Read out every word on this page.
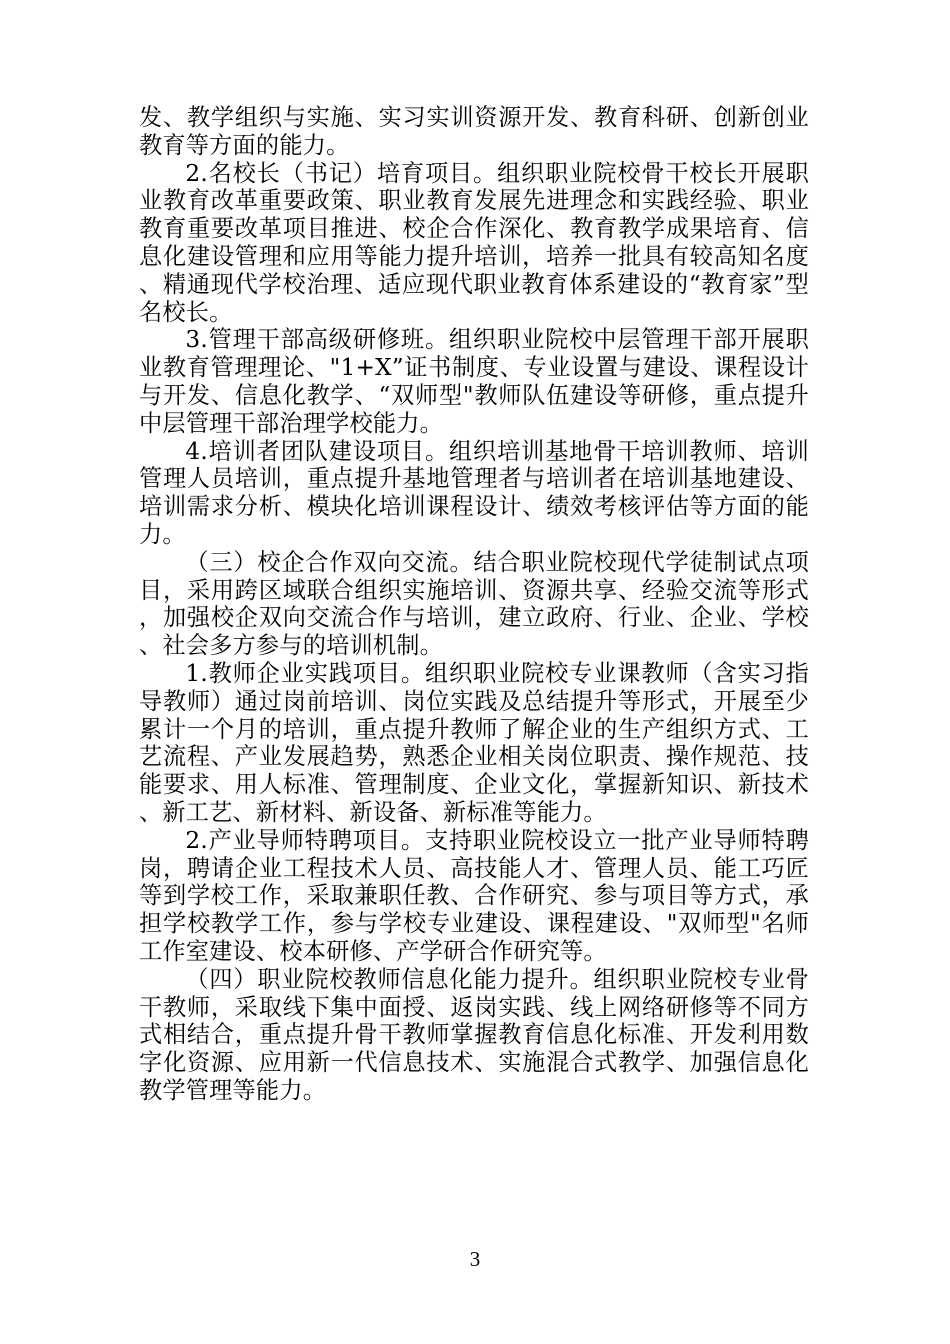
发、教学组织与实施、实习实训资源开发、教育科研、创新创业教育等方面的能力。

2.名校长（书记）培育项目。组织职业院校骨干校长开展职业教育改革重要政策、职业教育发展先进理念和实践经验、职业教育重要改革项目推进、校企合作深化、教育教学成果培育、信息化建设管理和应用等能力提升培训，培养一批具有较高知名度、精通现代学校治理、适应现代职业教育体系建设的“教育家”型名校长。

3.管理干部高级研修班。组织职业院校中层管理干部开展职业教育管理理论、"1+X”证书制度、专业设置与建设、课程设计与开发、信息化教学、“双师型"教师队伍建设等研修，重点提升中层管理干部治理学校能力。

4.培训者团队建设项目。组织培训基地骨干培训教师、培训管理人员培训，重点提升基地管理者与培训者在培训基地建设、培训需求分析、模块化培训课程设计、绩效考核评估等方面的能力。

（三）校企合作双向交流。结合职业院校现代学徒制试点项目，采用跨区域联合组织实施培训、资源共享、经验交流等形式，加强校企双向交流合作与培训，建立政府、行业、企业、学校、社会多方参与的培训机制。

1.教师企业实践项目。组织职业院校专业课教师（含实习指导教师）通过岗前培训、岗位实践及总结提升等形式，开展至少累计一个月的培训，重点提升教师了解企业的生产组织方式、工艺流程、产业发展趋势，熟悉企业相关岗位职责、操作规范、技能要求、用人标准、管理制度、企业文化，掌握新知识、新技术、新工艺、新材料、新设备、新标准等能力。

2.产业导师特聘项目。支持职业院校设立一批产业导师特聘岗，聘请企业工程技术人员、高技能人才、管理人员、能工巧匠等到学校工作，采取兼职任教、合作研究、参与项目等方式，承担学校教学工作，参与学校专业建设、课程建设、"双师型"名师工作室建设、校本研修、产学研合作研究等。

（四）职业院校教师信息化能力提升。组织职业院校专业骨干教师，采取线下集中面授、返岗实践、线上网络研修等不同方式相结合，重点提升骨干教师掌握教育信息化标准、开发利用数字化资源、应用新一代信息技术、实施混合式教学、加强信息化教学管理等能力。

3
